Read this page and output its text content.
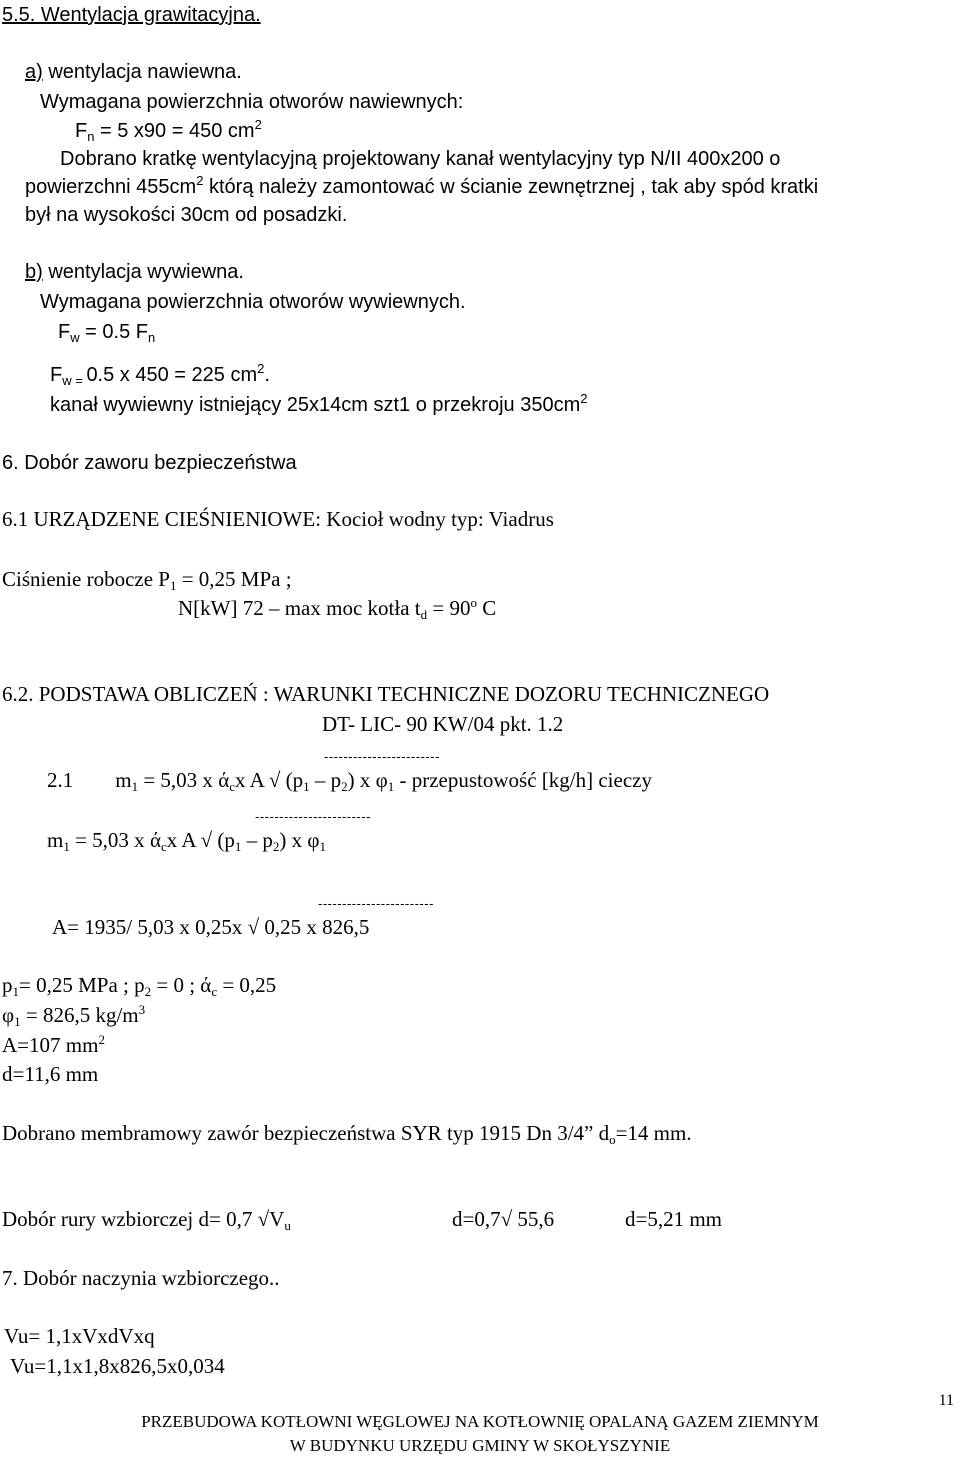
5.5. Wentylacja grawitacyjna.
a) wentylacja nawiewna.
Wymagana powierzchnia otworów nawiewnych:
$F_n = 5$ x90 = 450 $cm^2$
Dobrano kratkę wentylacyjną projektowany kanał wentylacyjny typ N/II 400x200 o
powierzchni $455cm^2$ którą należy zamontować w ścianie zewnętrznej , tak aby spód kratki
był na wysokości 30cm od posadzki.
b) wentylacja wywiewna.
Wymagana powierzchnia otworów wywiewnych.
$F_w = 0.5$ $F_n$
$F_{w =}$ 0.5 x 450 = 225 $cm^2$.
kanał wywiewny istniejący 25x14cm szt1 o przekroju $350cm^2$
6. Dobór zaworu bezpieczeństwa
6.1 URZĄDZENE CIEŚNIENIOWE: Kocioł wodny typ: Viadrus
Ciśnienie robocze $P_1 = 0,25$ MPa ;
N[kW] 72 – max moc kotła $t_d = 90^o$ C
6.2. PODSTAWA OBLICZEŃ : WARUNKI TECHNICZNE DOZORU TECHNICZNEGO
DT- LIC- 90 KW/04 pkt. 1.2
------------------------
2.1 $m_1 = 5,03$ x $ά_cx$ A √ $(p_1 - p_2)$ x $\varphi_1$ - przepustowość [kg/h] cieczy
------------------------
$m_1 = 5,03$ x $ά_cx$ A √ $(p_1 - p_2)$ x $\varphi_1$
------------------------
A= 1935/ 5,03 x 0,25x √ 0,25 x 826,5
$p_1= 0,25$ MPa ; $p_2 = 0$ ; $ά_c = 0,25$
$\varphi_1 = 826,5$ $kg/m^3$
A=107 $mm^2$
d=11,6 mm
Dobrano membramowy zawór bezpieczeństwa SYR typ 1915 Dn 3/4” $d_o=14$ mm.
Dobór rury wzbiorczej d= 0,7 $√V_u$	d=0,7√ 55,6	d=5,21 mm
7. Dobór naczynia wzbiorczego..
Vu= 1,1xVxdVxq
Vu=1,1x1,8x826,5x0,034
11
PRZEBUDOWA KOTŁOWNI WĘGLOWEJ NA KOTŁOWNIĘ OPALANĄ GAZEM ZIEMNYM
W BUDYNKU URZĘDU GMINY W SKOŁYSZYNIE
